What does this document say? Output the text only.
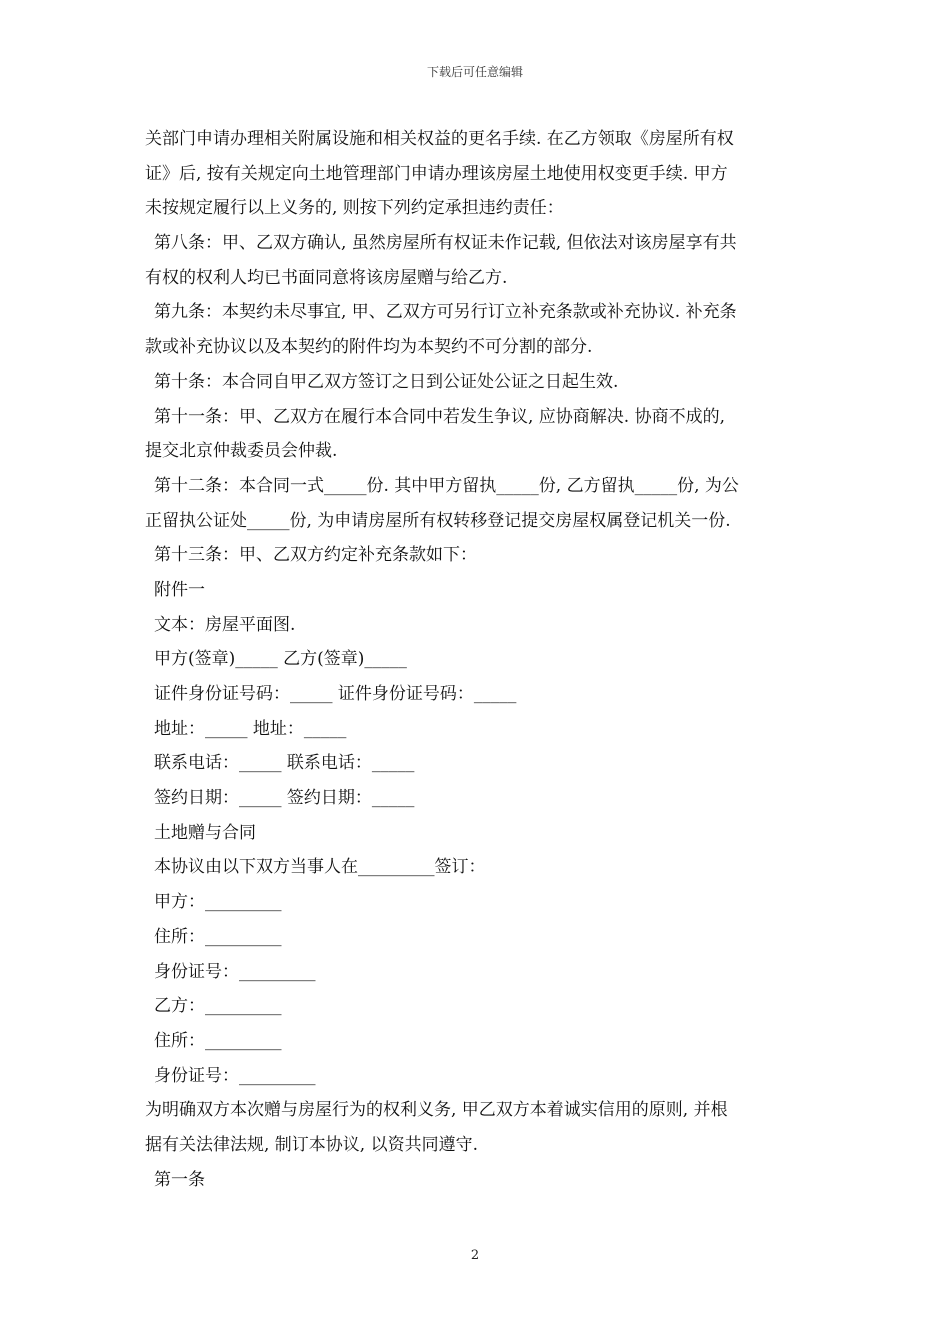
下载后可任意编辑
关部门申请办理相关附属设施和相关权益的更名手续. 在乙方领取《房屋所有权
证》后, 按有关规定向土地管理部门申请办理该房屋土地使用权变更手续. 甲方
未按规定履行以上义务的, 则按下列约定承担违约责任：
第八条：甲、乙双方确认, 虽然房屋所有权证未作记载, 但依法对该房屋享有共
有权的权利人均已书面同意将该房屋赠与给乙方.
第九条：本契约未尽事宜, 甲、乙双方可另行订立补充条款或补充协议. 补充条
款或补充协议以及本契约的附件均为本契约不可分割的部分.
第十条：本合同自甲乙双方签订之日到公证处公证之日起生效.
第十一条：甲、乙双方在履行本合同中若发生争议, 应协商解决. 协商不成的,
提交北京仲裁委员会仲裁.
第十二条：本合同一式_____份. 其中甲方留执_____份, 乙方留执_____份, 为公
正留执公证处_____份, 为申请房屋所有权转移登记提交房屋权属登记机关一份.
第十三条：甲、乙双方约定补充条款如下：
附件一
文本：房屋平面图.
甲方(签章)_____ 乙方(签章)_____
证件身份证号码：_____ 证件身份证号码：_____
地址：_____ 地址：_____
联系电话：_____ 联系电话：_____
签约日期：_____ 签约日期：_____
土地赠与合同
本协议由以下双方当事人在_________签订：
甲方：_________
住所：_________
身份证号：_________
乙方：_________
住所：_________
身份证号：_________
为明确双方本次赠与房屋行为的权利义务, 甲乙双方本着诚实信用的原则, 并根
据有关法律法规, 制订本协议, 以资共同遵守.
第一条
2
